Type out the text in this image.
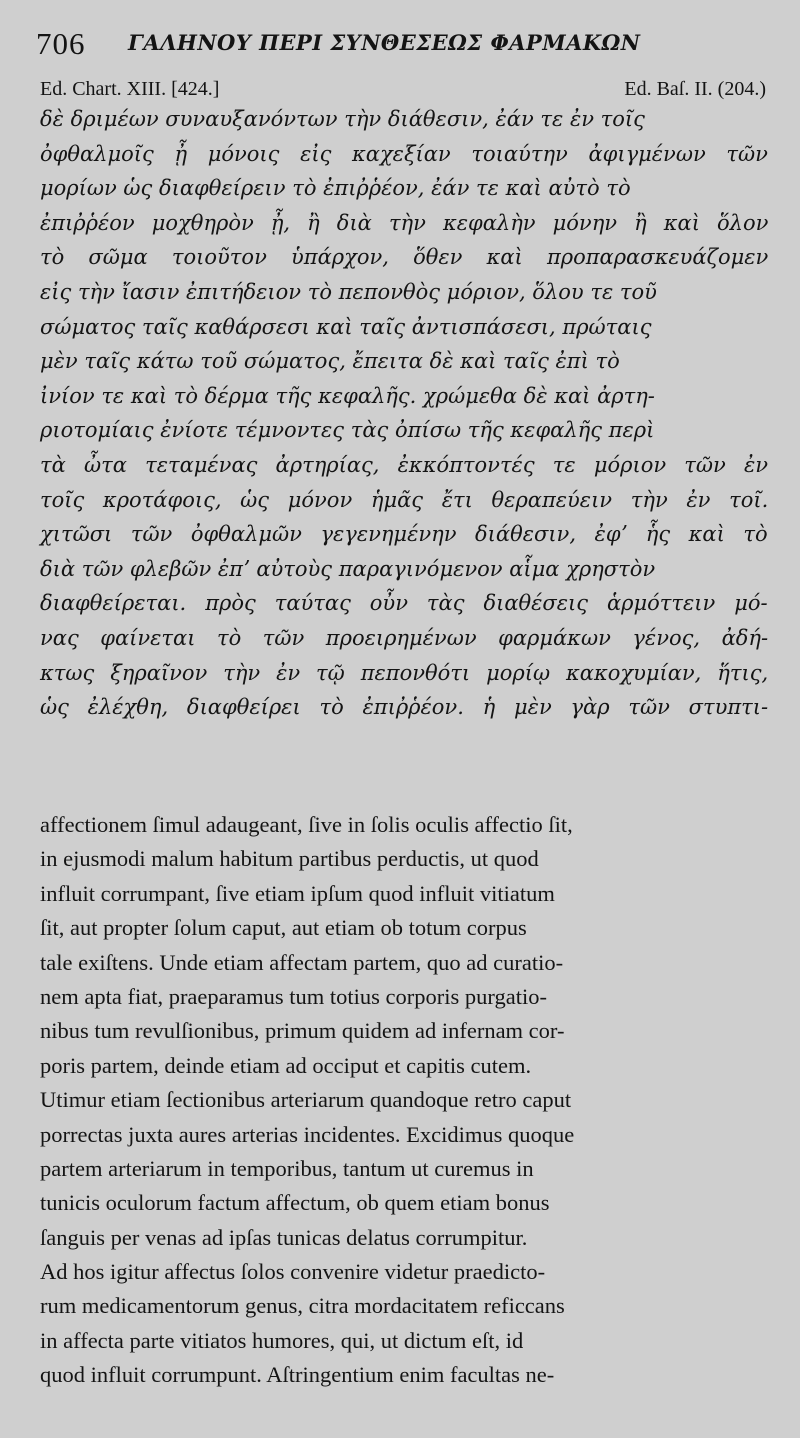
706 ΓΑΛΗΝΟΥ ΠΕΡΙ ΣΥΝΘΕΣΕΩΣ ΦΑΡΜΑΚΩΝ
Ed. Chart. XIII. [424.]	Ed. Baſ. II. (204.)
δὲ δριμέων συναυξανόντων τὴν διάθεσιν, ἐάν τε ἐν τοῖς
ὀφθαλμοῖς ᾖ μόνοις εἰς καχεξίαν τοιαύτην ἀφιγμένων τῶν
μορίων ὡς διαφθείρειν τὸ ἐπιῤῥέον, ἐάν τε καὶ αὐτὸ τὸ
ἐπιῤῥέον μοχθηρὸν ᾖ, ἢ διὰ τὴν κεφαλὴν μόνην ἢ καὶ ὅλον
τὸ σῶμα τοιοῦτον ὑπάρχον, ὅθεν καὶ προπαρασκευάζομεν
εἰς τὴν ἴασιν ἐπιτήδειον τὸ πεπονθὸς μόριον, ὅλου τε τοῦ
σώματος ταῖς καθάρσεσι καὶ ταῖς ἀντισπάσεσι, πρώταις
μὲν ταῖς κάτω τοῦ σώματος, ἔπειτα δὲ καὶ ταῖς ἐπὶ τὸ
ἰνίον τε καὶ τὸ δέρμα τῆς κεφαλῆς. χρώμεθα δὲ καὶ ἀρτη-
ριοτομίαις ἐνίοτε τέμνοντες τὰς ὀπίσω τῆς κεφαλῆς περὶ
τὰ ὦτα τεταμένας ἀρτηρίας, ἐκκόπτοντές τε μόριον τῶν ἐν
τοῖς κροτάφοις, ὡς μόνον ἡμᾶς ἔτι θεραπεύειν τὴν ἐν τοῖ.
χιτῶσι τῶν ὀφθαλμῶν γεγενημένην διάθεσιν, ἐφʼ ἧς καὶ τὸ
διὰ τῶν φλεβῶν ἐπʼ αὐτοὺς παραγινόμενον αἷμα χρηστὸν
διαφθείρεται. πρὸς ταύτας οὖν τὰς διαθέσεις ἁρμόττειν μό-
νας φαίνεται τὸ τῶν προειρημένων φαρμάκων γένος, ἀδή-
κτως ξηραῖνον τὴν ἐν τῷ πεπονθότι μορίῳ κακοχυμίαν, ἥτις,
ὡς ἐλέχθη, διαφθείρει τὸ ἐπιῤῥέον. ἡ μὲν γὰρ τῶν στυπτι-
affectionem ſimul adaugeant, ſive in ſolis oculis affectio ſit,
in ejusmodi malum habitum partibus perductis, ut quod
influit corrumpant, ſive etiam ipſum quod influit vitiatum
ſit, aut propter ſolum caput, aut etiam ob totum corpus
tale exiſtens. Unde etiam affectam partem, quo ad curatio-
nem apta fiat, praeparamus tum totius corporis purgatio-
nibus tum revulſionibus, primum quidem ad infernam cor-
poris partem, deinde etiam ad occiput et capitis cutem.
Utimur etiam ſectionibus arteriarum quandoque retro caput
porrectas juxta aures arterias incidentes. Excidimus quoque
partem arteriarum in temporibus, tantum ut curemus in
tunicis oculorum factum affectum, ob quem etiam bonus
ſanguis per venas ad ipſas tunicas delatus corrumpitur.
Ad hos igitur affectus ſolos convenire videtur praedicto-
rum medicamentorum genus, citra mordacitatem reficcans
in affecta parte vitiatos humores, qui, ut dictum eſt, id
quod influit corrumpunt. Aſtringentium enim facultas ne-
